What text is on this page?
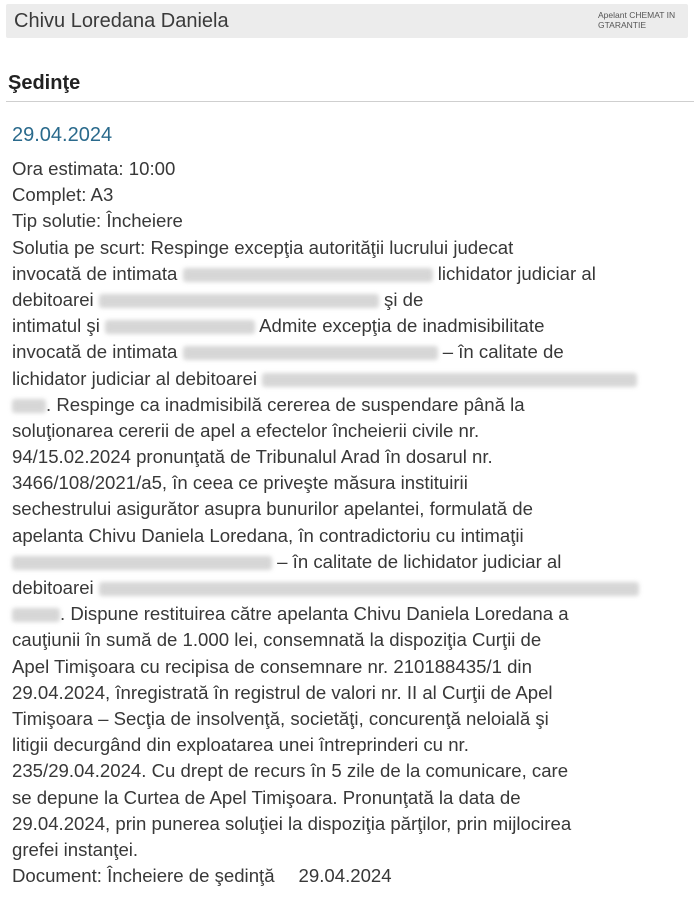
Chivu Loredana Daniela	Apelant CHEMAT IN
GTARANTIE
Şedinţe
29.04.2024
Ora estimata: 10:00
Complet: A3
Tip solutie: Încheiere
Solutia pe scurt: Respinge excepţia autorităţii lucrului judecat
invocată de intimata	lichidator judiciar al
debitoarei	şi de
intimatul şi	Admite excepţia de inadmisibilitate
invocată de intimata	– în calitate de
lichidator judiciar al debitoarei
. Respinge ca inadmisibilă cererea de suspendare până la
soluţionarea cererii de apel a efectelor încheierii civile nr.
94/15.02.2024 pronunţată de Tribunalul Arad în dosarul nr.
3466/108/2021/a5, în ceea ce priveşte măsura instituirii
sechestrului asigurător asupra bunurilor apelantei, formulată de
apelanta Chivu Daniela Loredana, în contradictoriu cu intimaţii
– în calitate de lichidator judiciar al
debitoarei
. Dispune restituirea către apelanta Chivu Daniela Loredana a
cauţiunii în sumă de 1.000 lei, consemnată la dispoziţia Curţii de
Apel Timişoara cu recipisa de consemnare nr. 210188435/1 din
29.04.2024, înregistrată în registrul de valori nr. II al Curţii de Apel
Timişoara – Secţia de insolvenţă, societăţi, concurenţă neloială şi
litigii decurgând din exploatarea unei întreprinderi cu nr.
235/29.04.2024. Cu drept de recurs în 5 zile de la comunicare, care
se depune la Curtea de Apel Timişoara. Pronunţată la data de
29.04.2024, prin punerea soluţiei la dispoziţia părţilor, prin mijlocirea
grefei instanţei.
Document: Încheiere de şedinţă 29.04.2024
